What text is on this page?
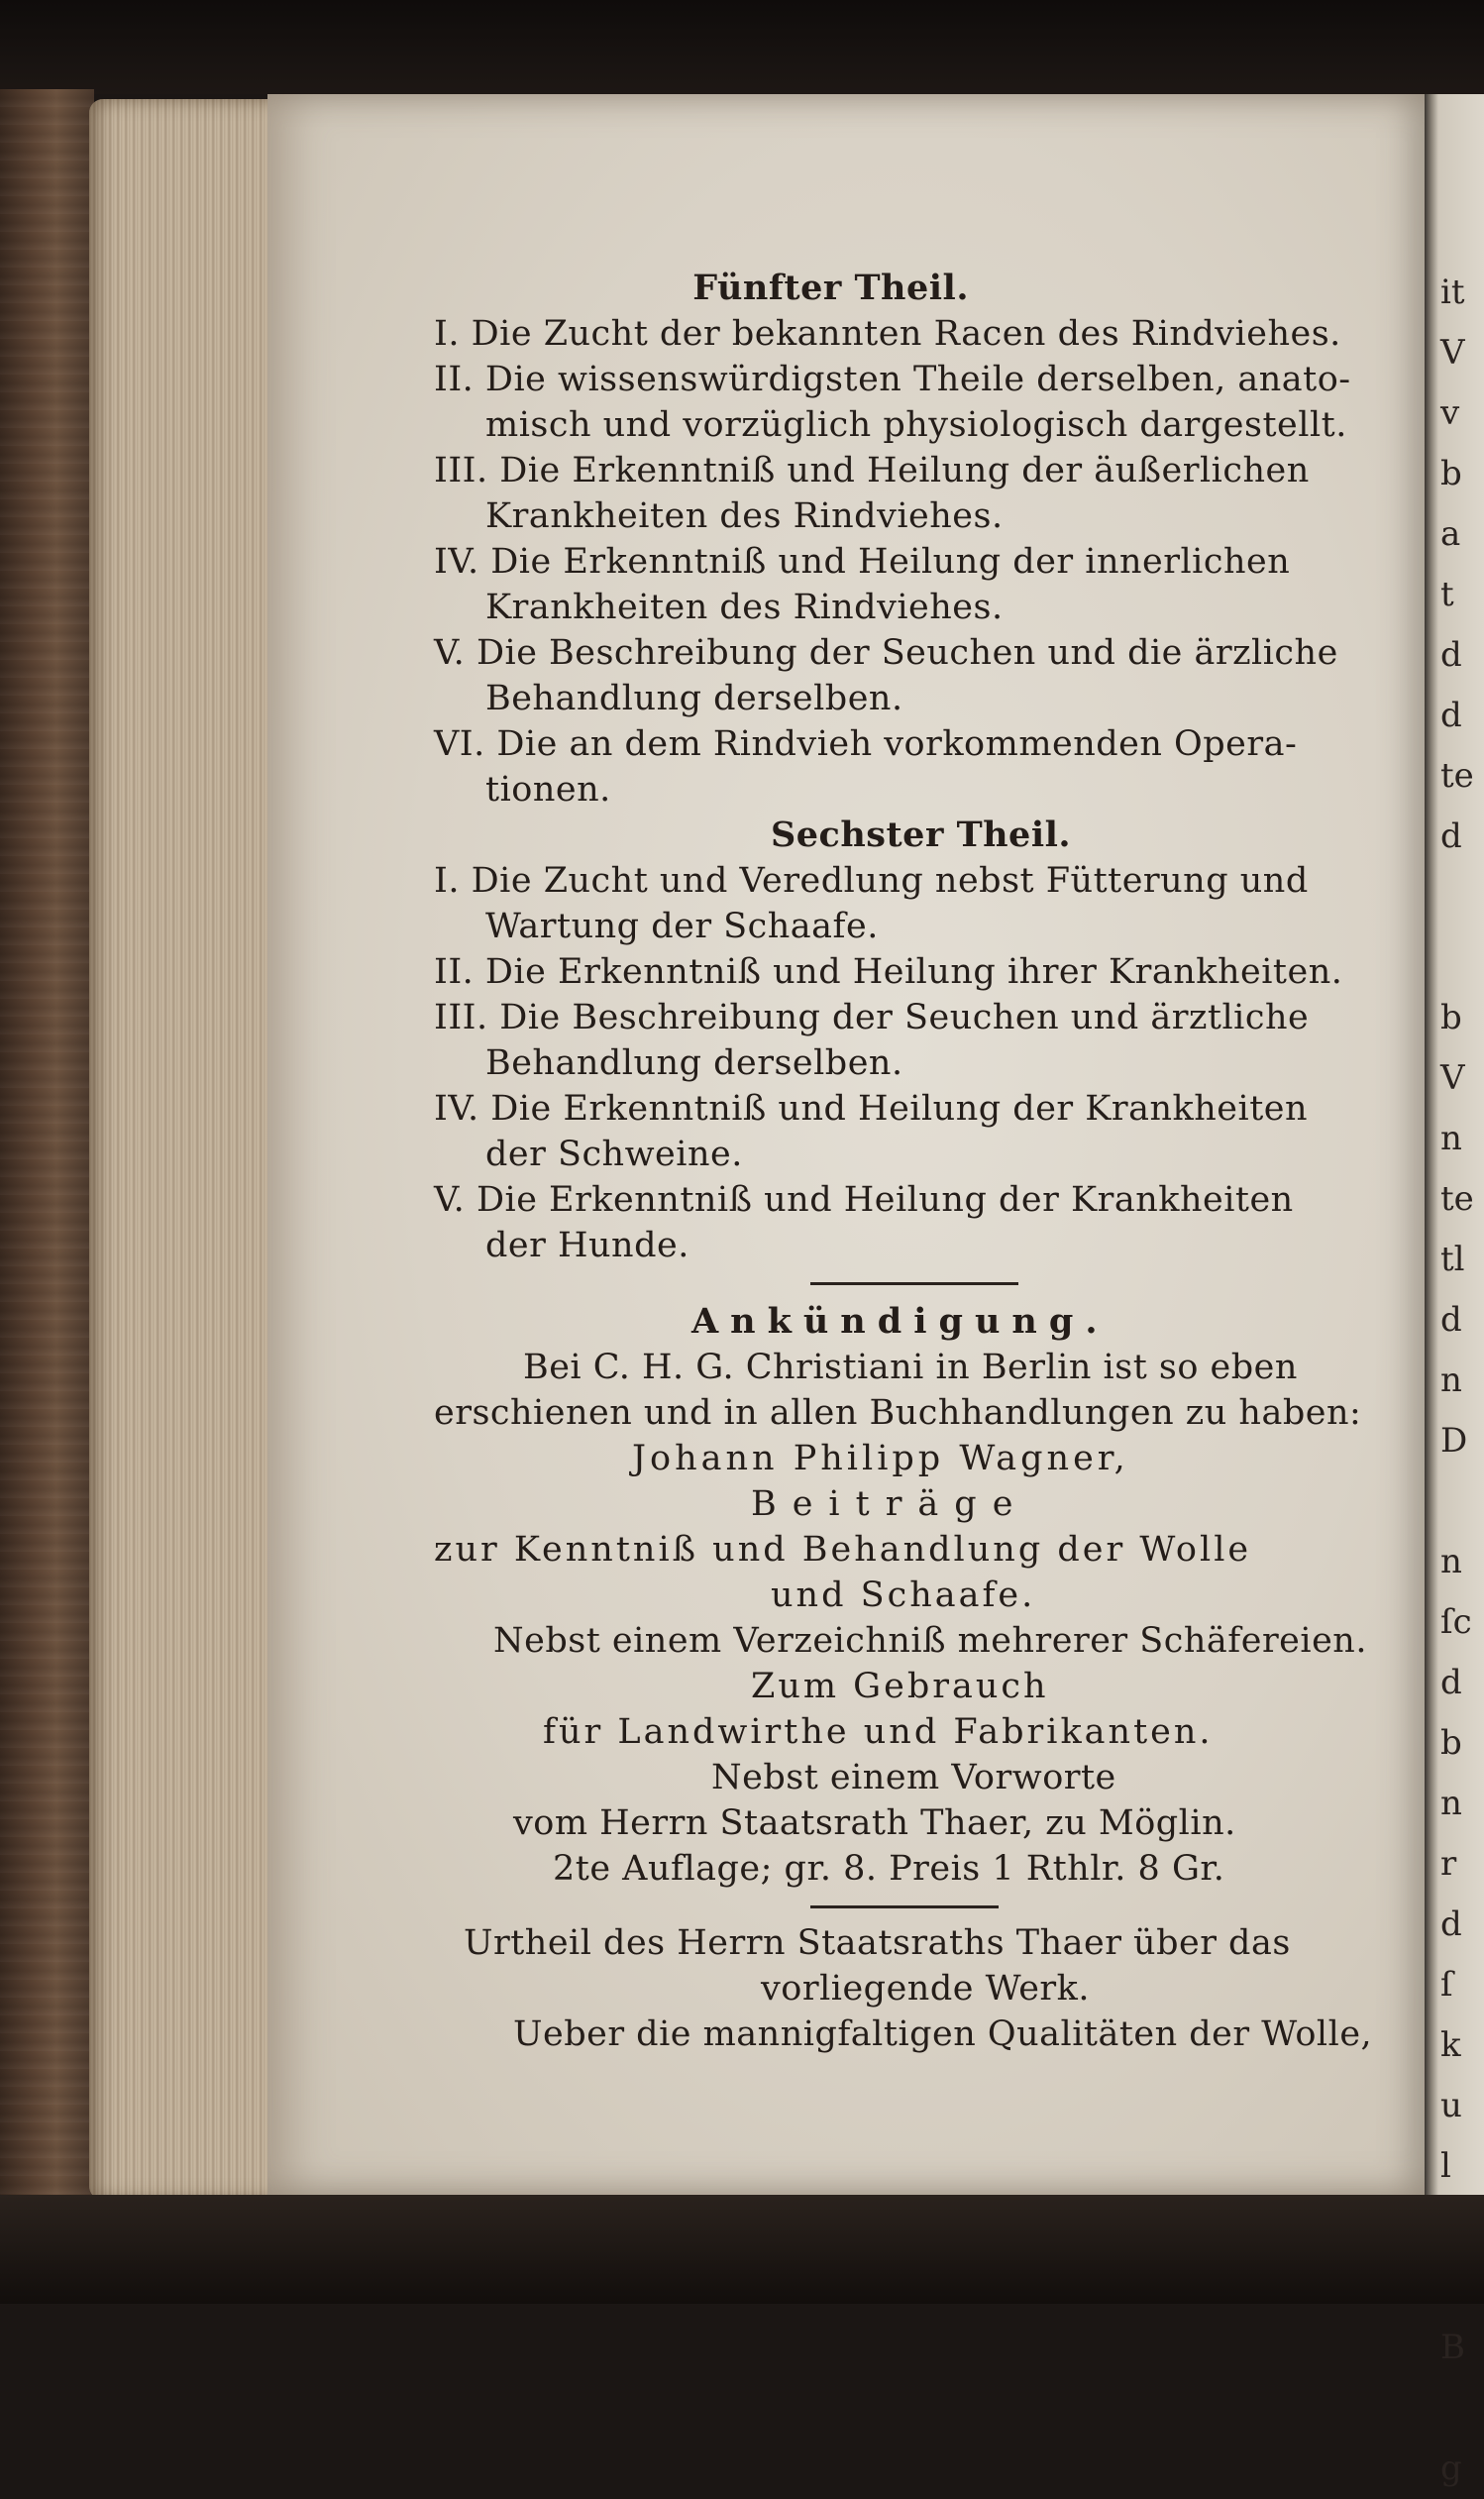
it
V
v
b
a
t
d
d
te
d

b
V
n
te
tl
d
n
D

n
ſc
d
b
n
r
d
ſ
k
u
l

B

g
Fünfter Theil.
I. Die Zucht der bekannten Racen des Rindviehes.
II. Die wissenswürdigsten Theile derselben, anato-
misch und vorzüglich physiologisch dargestellt.
III. Die Erkenntniß und Heilung der äußerlichen
Krankheiten des Rindviehes.
IV. Die Erkenntniß und Heilung der innerlichen
Krankheiten des Rindviehes.
V. Die Beschreibung der Seuchen und die ärzliche
Behandlung derselben.
VI. Die an dem Rindvieh vorkommenden Opera-
tionen.
Sechster Theil.
I. Die Zucht und Veredlung nebst Fütterung und
Wartung der Schaafe.
II. Die Erkenntniß und Heilung ihrer Krankheiten.
III. Die Beschreibung der Seuchen und ärztliche
Behandlung derselben.
IV. Die Erkenntniß und Heilung der Krankheiten
der Schweine.
V. Die Erkenntniß und Heilung der Krankheiten
der Hunde.
Ankündigung.
Bei C. H. G. Christiani in Berlin ist so eben
erschienen und in allen Buchhandlungen zu haben:
Johann Philipp Wagner,
Beiträge
zur Kenntniß und Behandlung der Wolle
und Schaafe.
Nebst einem Verzeichniß mehrerer Schäfereien.
Zum Gebrauch
für Landwirthe und Fabrikanten.
Nebst einem Vorworte
vom Herrn Staatsrath Thaer, zu Möglin.
2te Auflage; gr. 8. Preis 1 Rthlr. 8 Gr.
Urtheil des Herrn Staatsraths Thaer über das
vorliegende Werk.
Ueber die mannigfaltigen Qualitäten der Wolle,
